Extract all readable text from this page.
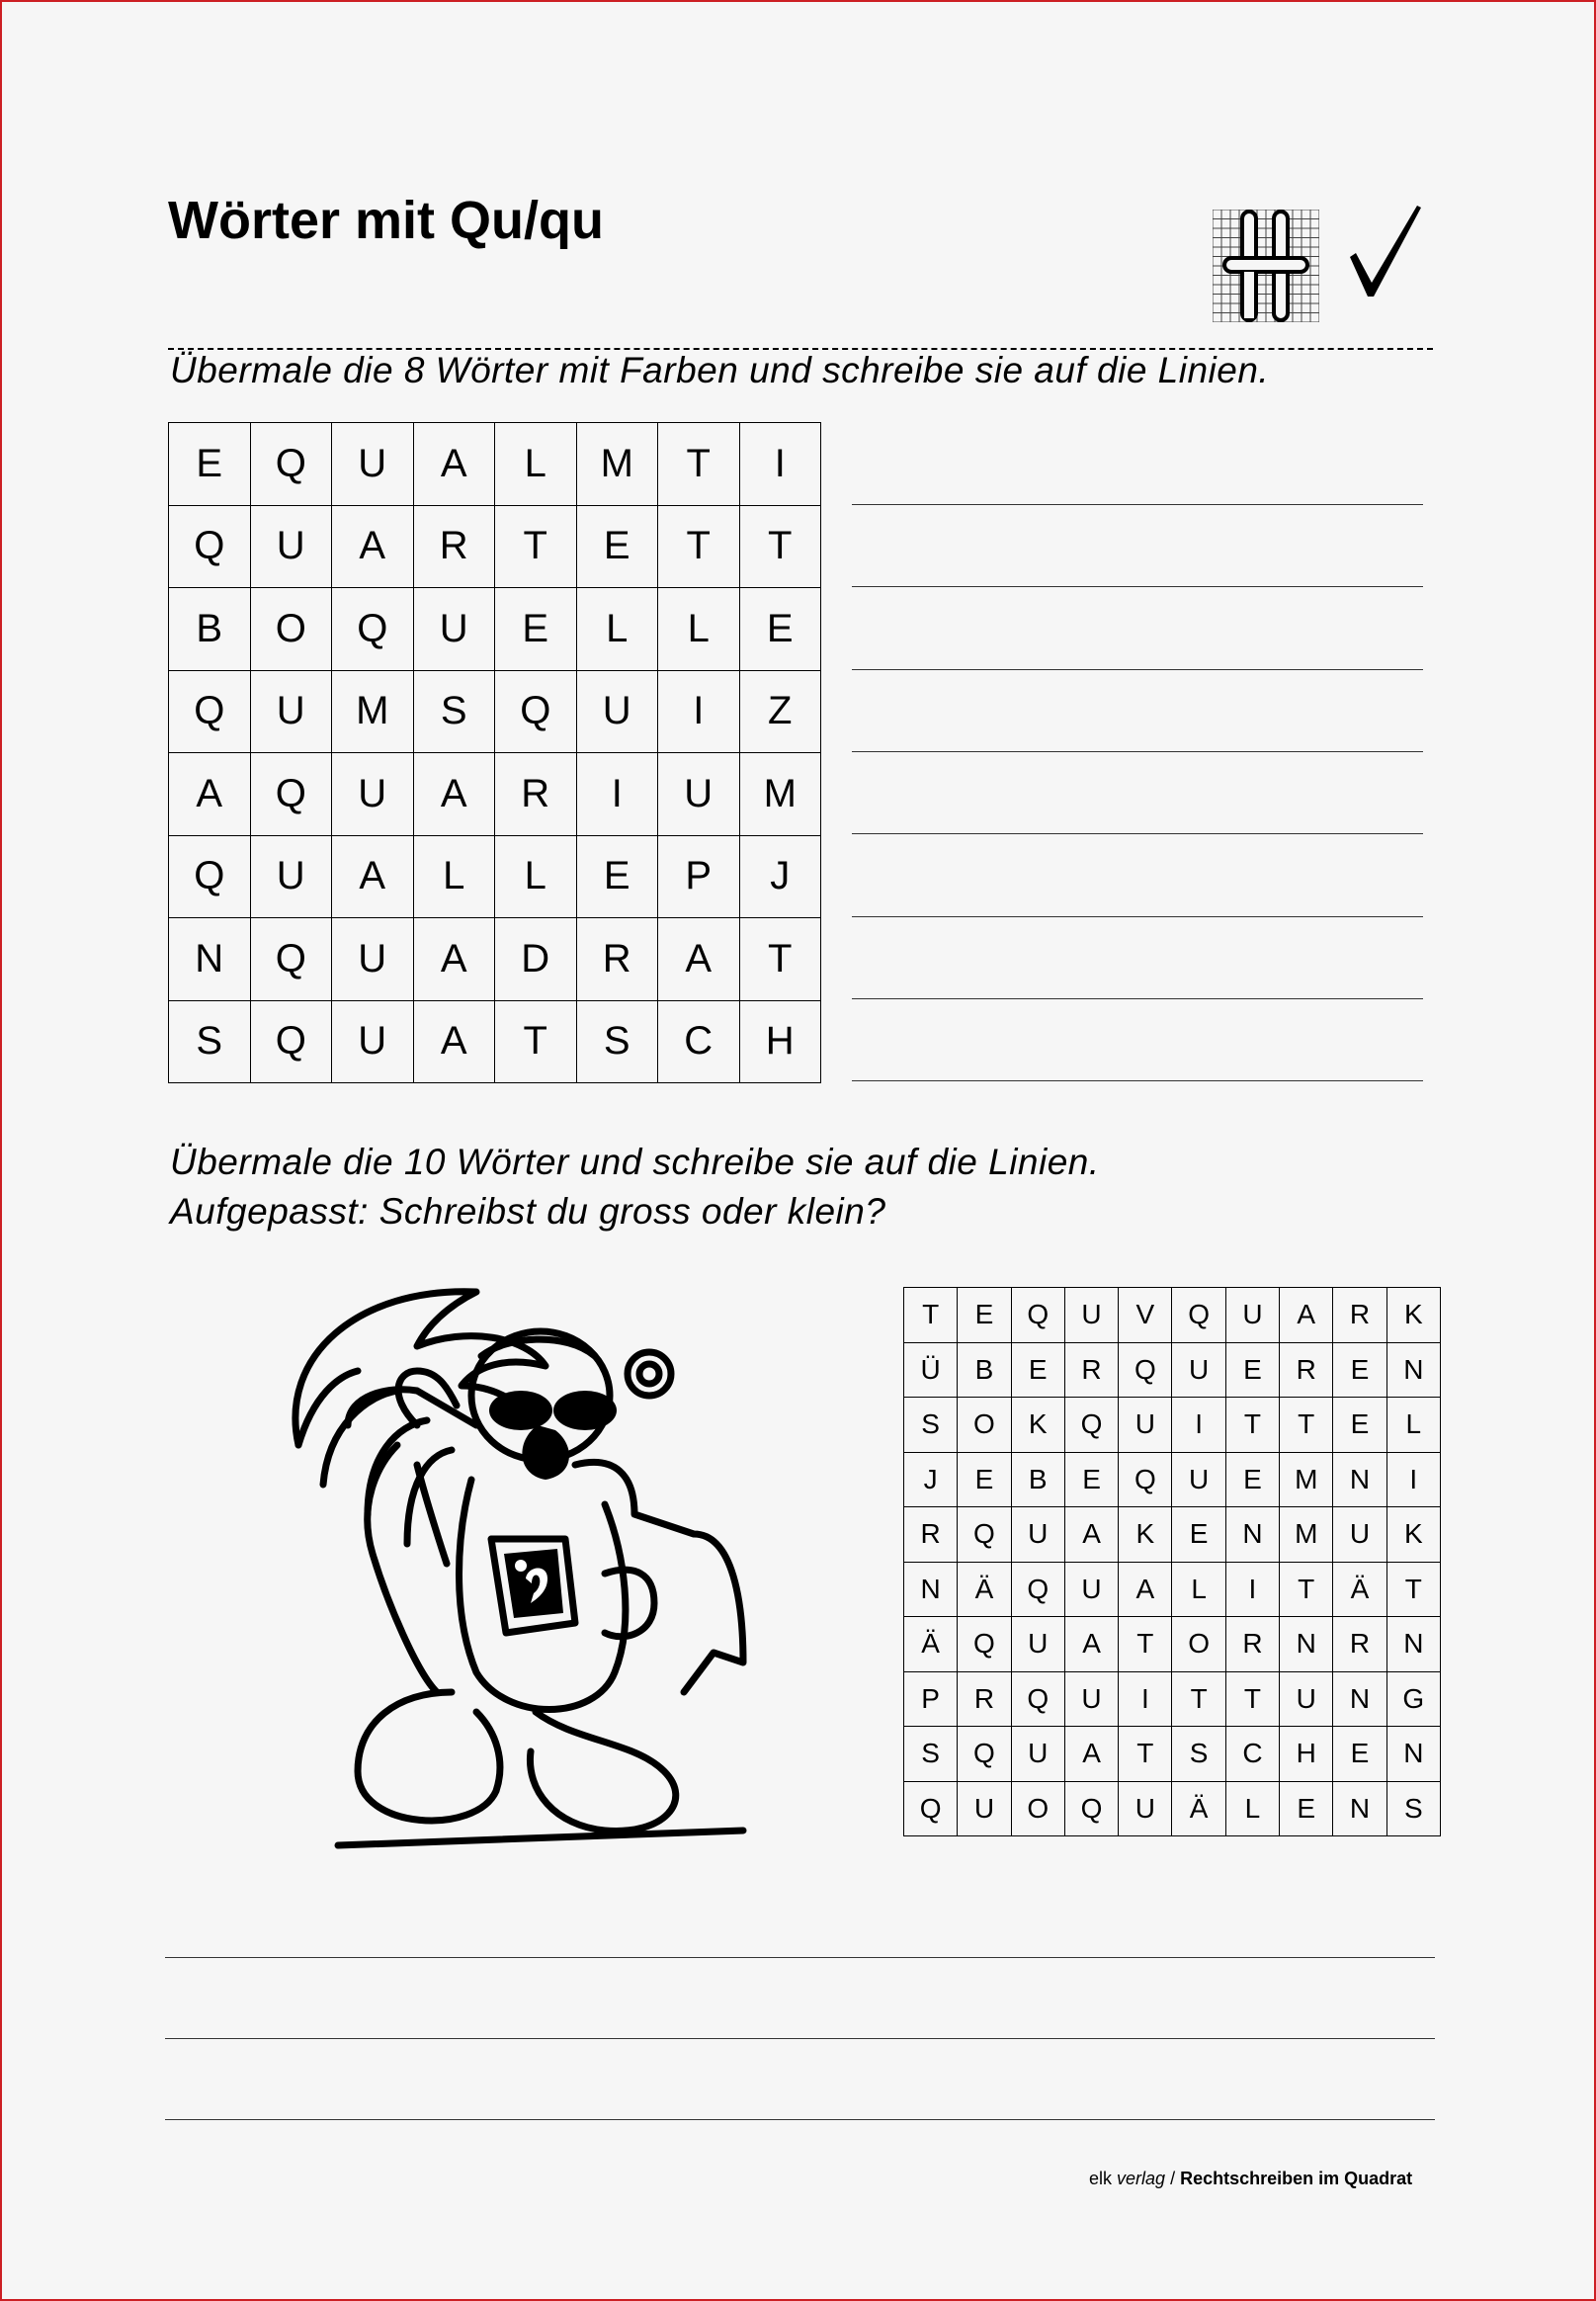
Wörter mit Qu/qu
Übermale die 8 Wörter mit Farben und schreibe sie auf die Linien.
E	Q	U	A	L	M	T	I
Q	U	A	R	T	E	T	T
B	O	Q	U	E	L	L	E
Q	U	M	S	Q	U	I	Z
A	Q	U	A	R	I	U	M
Q	U	A	L	L	E	P	J
N	Q	U	A	D	R	A	T
S	Q	U	A	T	S	C	H
Übermale die 10 Wörter und schreibe sie auf die Linien.
Aufgepasst: Schreibst du gross oder klein?
T	E	Q	U	V	Q	U	A	R	K
Ü	B	E	R	Q	U	E	R	E	N
S	O	K	Q	U	I	T	T	E	L
J	E	B	E	Q	U	E	M	N	I
R	Q	U	A	K	E	N	M	U	K
N	Ä	Q	U	A	L	I	T	Ä	T
Ä	Q	U	A	T	O	R	N	R	N
P	R	Q	U	I	T	T	U	N	G
S	Q	U	A	T	S	C	H	E	N
Q	U	O	Q	U	Ä	L	E	N	S
elk verlag / Rechtschreiben im Quadrat
